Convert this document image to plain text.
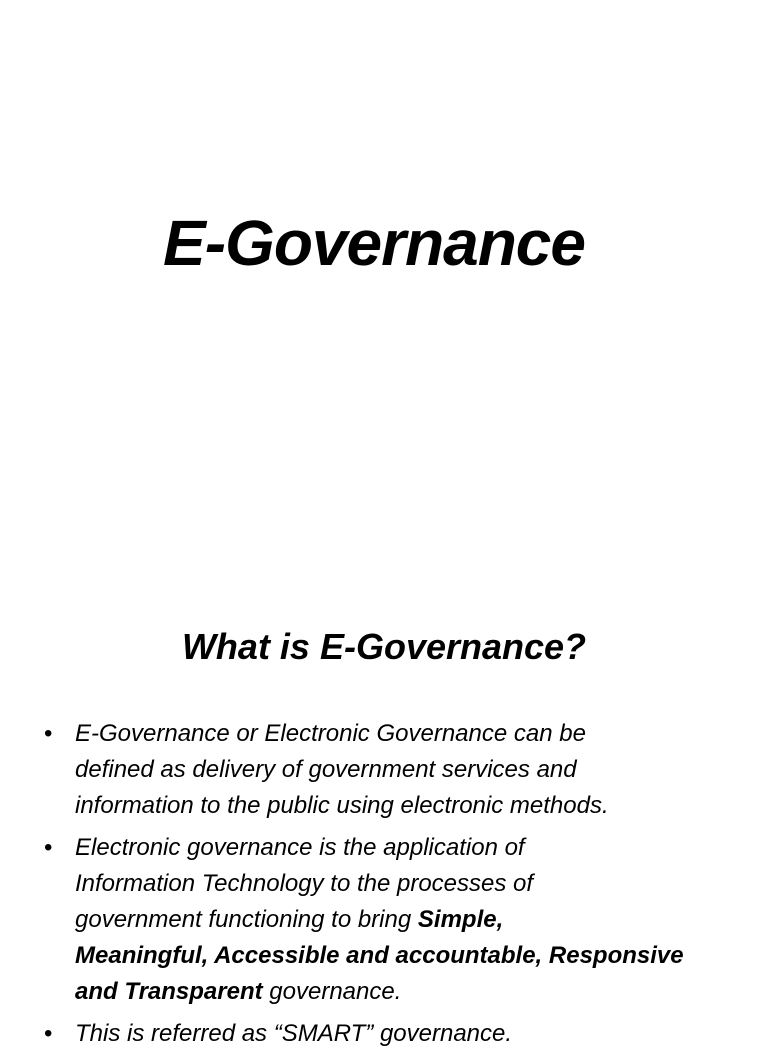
E-Governance
What is E-Governance?
• E-Governance or Electronic Governance can be
defined as delivery of government services and
information to the public using electronic methods.
• Electronic governance is the application of
Information Technology to the processes of
government functioning to bring Simple,
Meaningful, Accessible and accountable, Responsive
and Transparent governance.
• This is referred as “SMART” governance.
